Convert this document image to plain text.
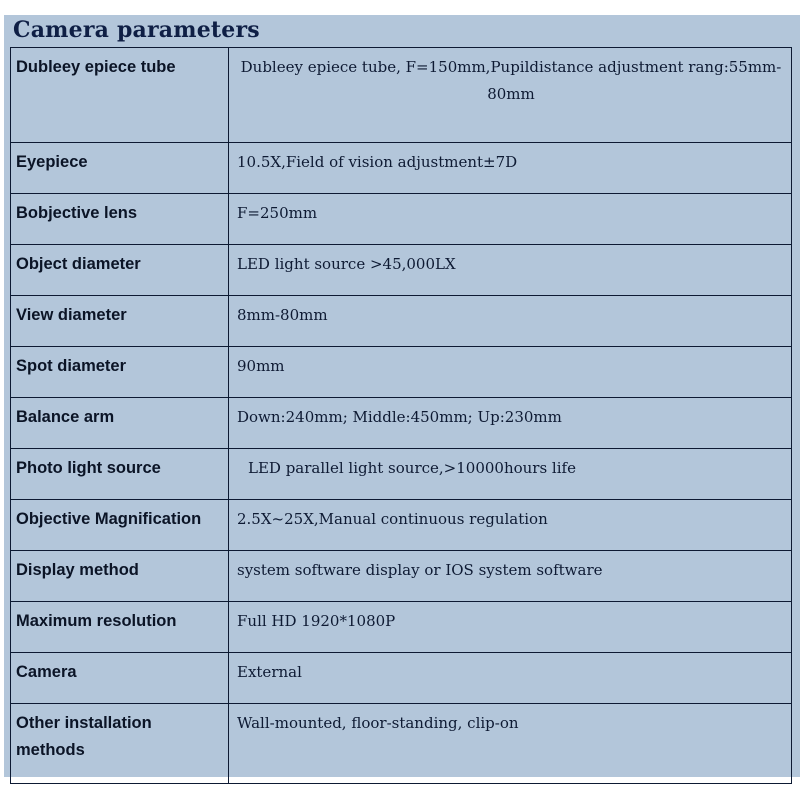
Camera parameters
Dubleey epiece tube	Dubleey epiece tube, F=150mm,Pupildistance adjustment rang:55mm-80mm
Eyepiece	10.5X,Field of vision adjustment±7D
Bobjective lens	F=250mm
Object diameter	LED light source >45,000LX
View diameter	8mm-80mm
Spot diameter	90mm
Balance arm	Down:240mm; Middle:450mm; Up:230mm
Photo light source	LED parallel light source,>10000hours life
Objective Magnification	2.5X~25X,Manual continuous regulation
Display method	system software display or IOS system software
Maximum resolution	Full HD 1920*1080P
Camera	External
Other installation methods	Wall-mounted, floor-standing, clip-on
